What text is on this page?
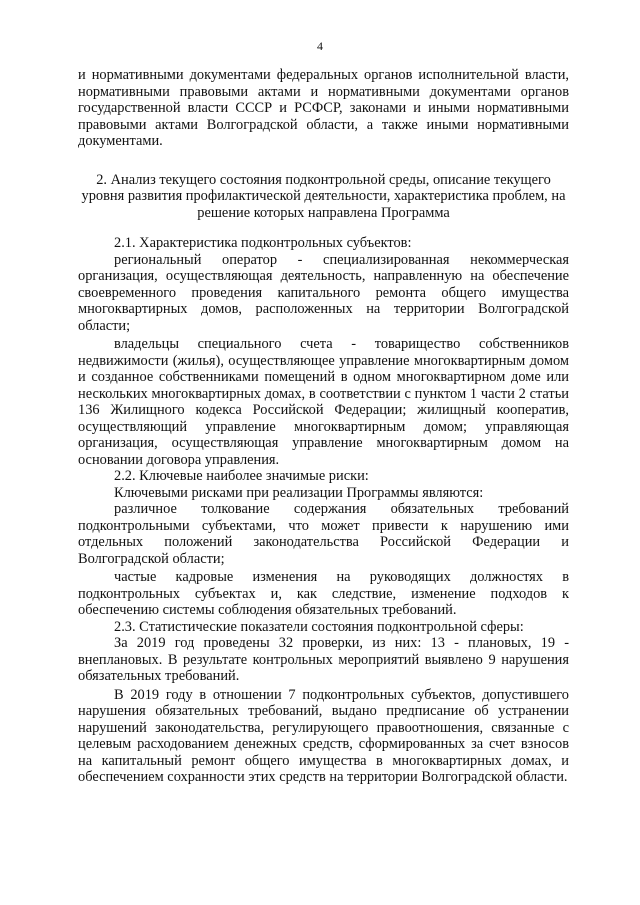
4

и нормативными документами федеральных органов исполнительной власти, нормативными правовыми актами и нормативными документами органов государственной власти СССР и РСФСР, законами и иными нормативными правовыми актами Волгоградской области, а также иными нормативными документами.

2. Анализ текущего состояния подконтрольной среды, описание текущего уровня развития профилактической деятельности, характеристика проблем, на решение которых направлена Программа

2.1. Характеристика подконтрольных субъектов:

региональный оператор - специализированная некоммерческая организация, осуществляющая деятельность, направленную на обеспечение своевременного проведения капитального ремонта общего имущества многоквартирных домов, расположенных на территории Волгоградской области;

владельцы специального счета - товарищество собственников недвижимости (жилья), осуществляющее управление многоквартирным домом и созданное собственниками помещений в одном многоквартирном доме или нескольких многоквартирных домах, в соответствии с пунктом 1 части 2 статьи 136 Жилищного кодекса Российской Федерации; жилищный кооператив, осуществляющий управление многоквартирным домом; управляющая организация, осуществляющая управление многоквартирным домом на основании договора управления.

2.2. Ключевые наиболее значимые риски:

Ключевыми рисками при реализации Программы являются:

различное толкование содержания обязательных требований подконтрольными субъектами, что может привести к нарушению ими отдельных положений законодательства Российской Федерации и Волгоградской области;

частые кадровые изменения на руководящих должностях в подконтрольных субъектах и, как следствие, изменение подходов к обеспечению системы соблюдения обязательных требований.

2.3. Статистические показатели состояния подконтрольной сферы:

За 2019 год проведены 32 проверки, из них: 13 - плановых, 19 - внеплановых. В результате контрольных мероприятий выявлено 9 нарушения обязательных требований.

В 2019 году в отношении 7 подконтрольных субъектов, допустившего нарушения обязательных требований, выдано предписание об устранении нарушений законодательства, регулирующего правоотношения, связанные с целевым расходованием денежных средств, сформированных за счет взносов на капитальный ремонт общего имущества в многоквартирных домах, и обеспечением сохранности этих средств на территории Волгоградской области.
